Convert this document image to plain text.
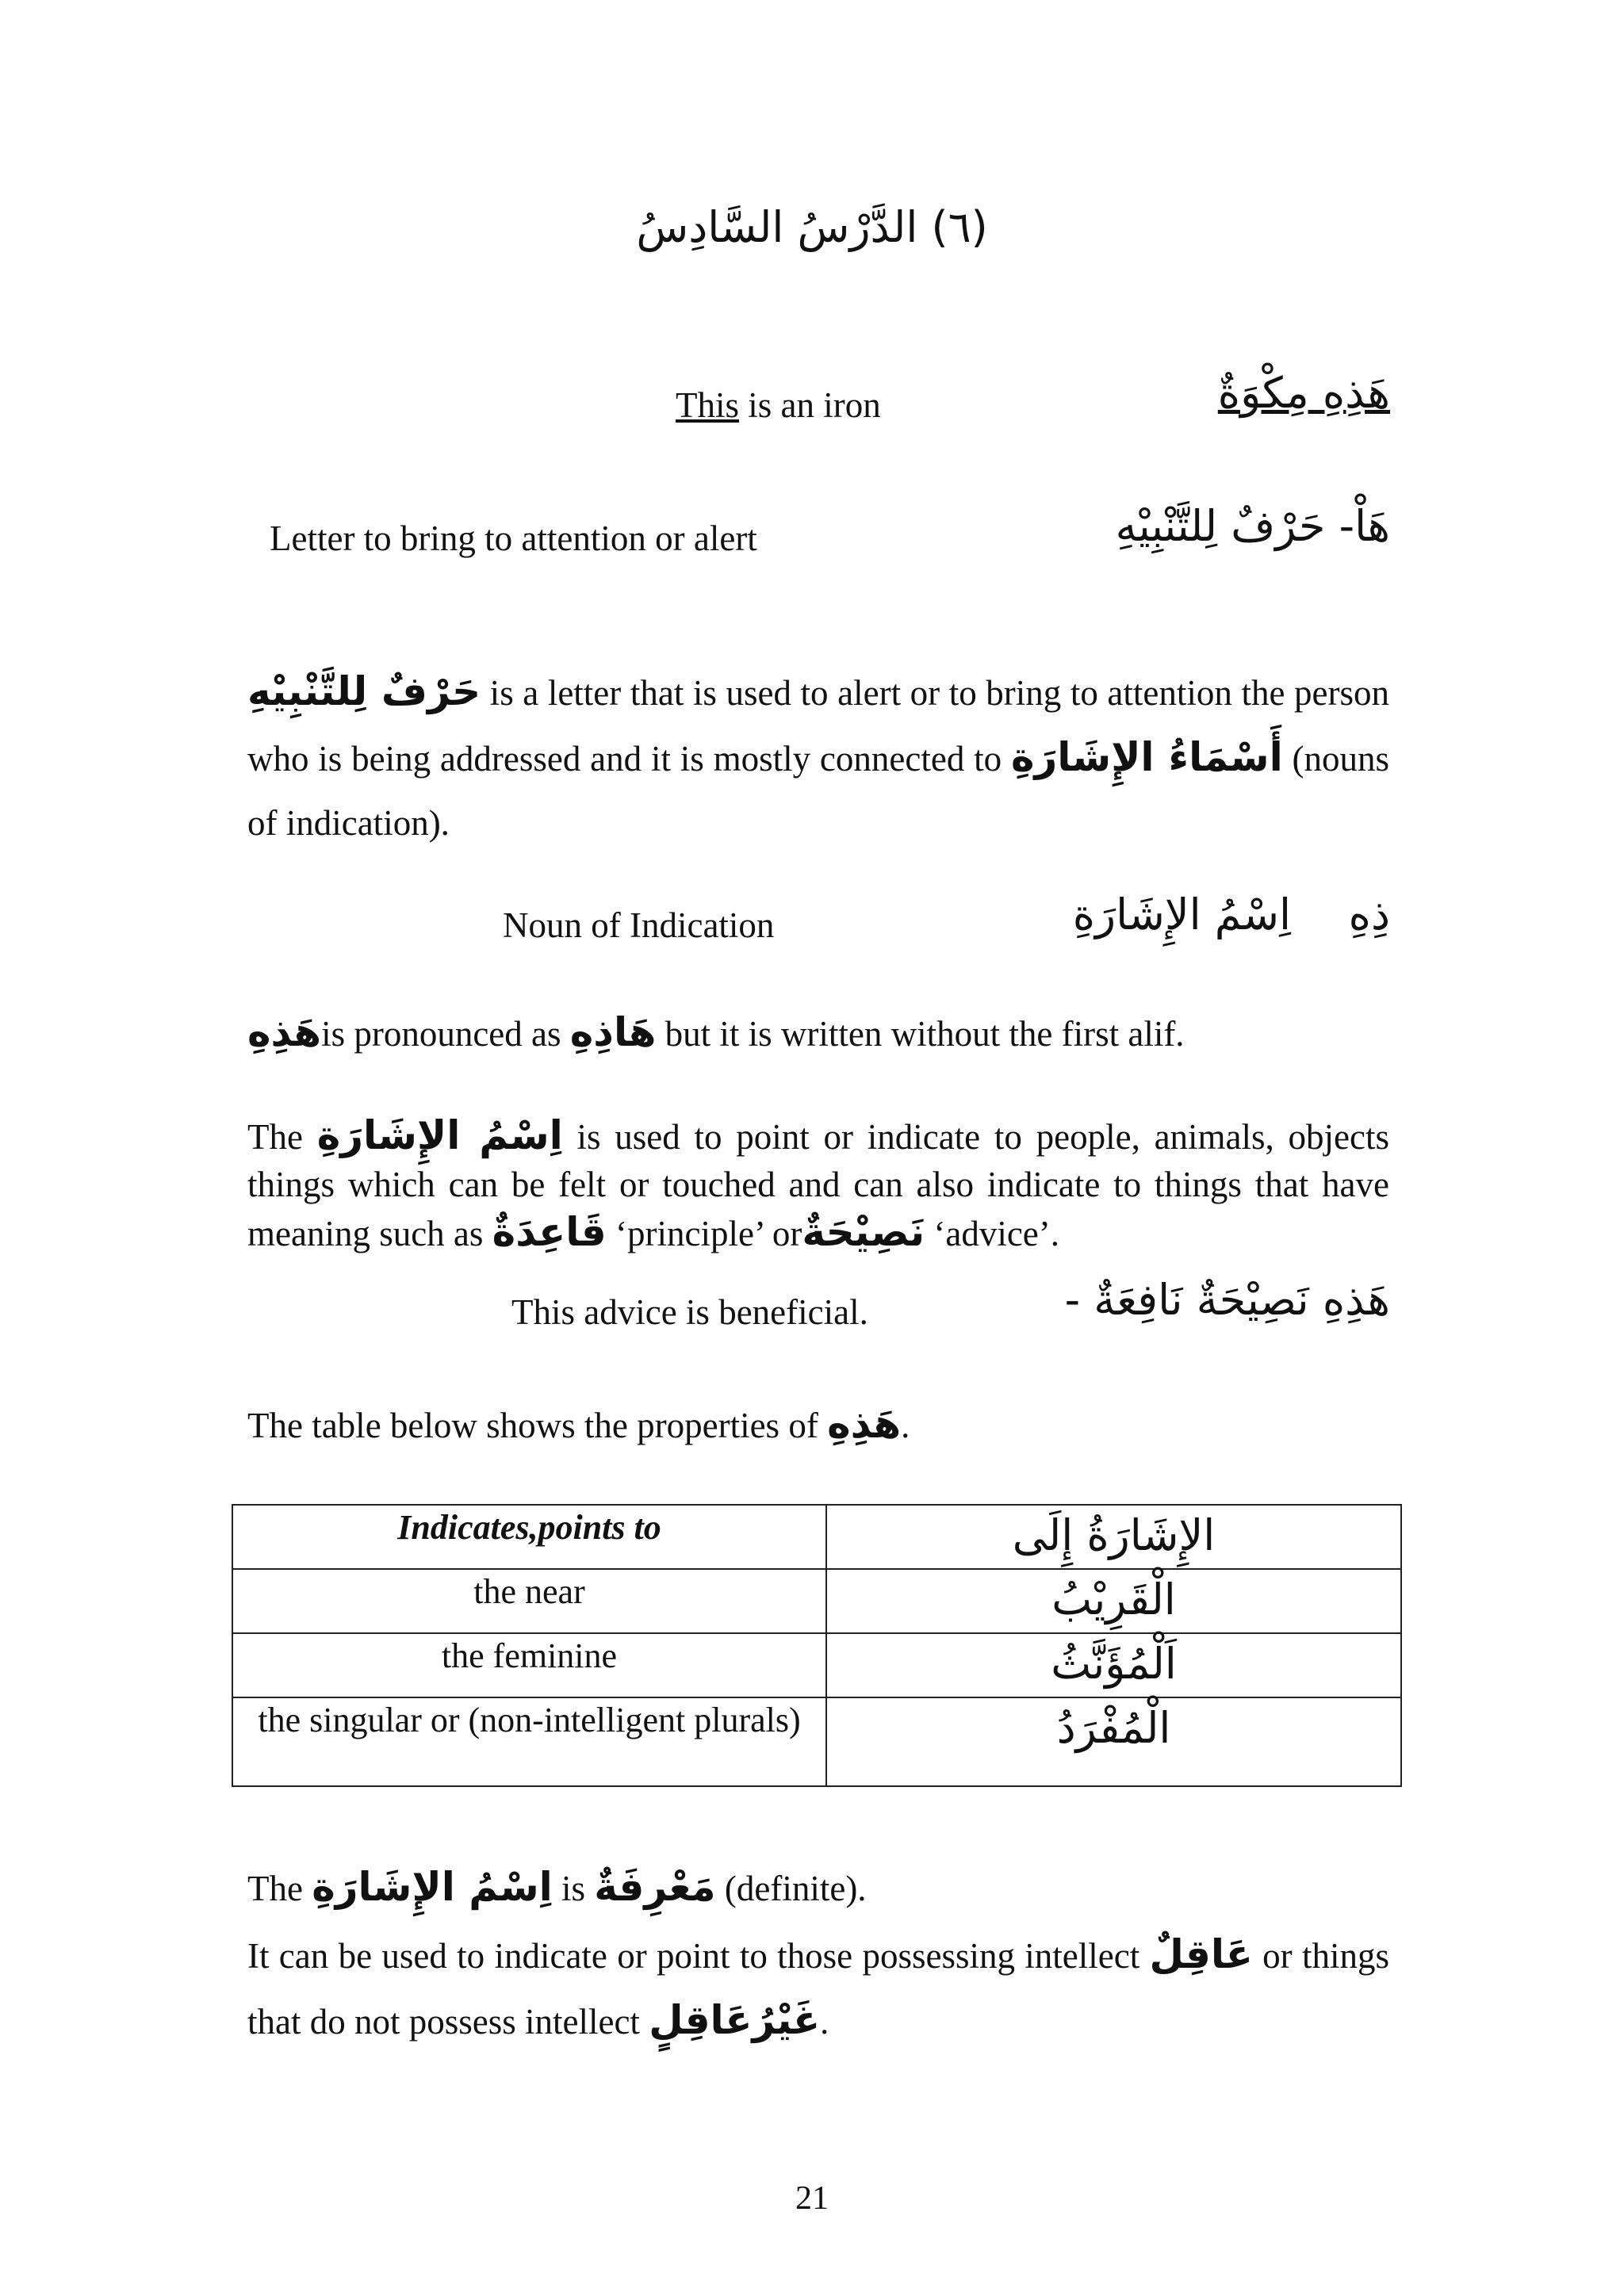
(٦) الدَّرْسُ السَّادِسُ
This is an iron	هَذِهِ مِكْوَةٌ
Letter to bring to attention or alert	هَاْ- حَرْفٌ لِلتَّنْبِيْهِ
حَرْفٌ لِلتَّنْبِيْهِ is a letter that is used to alert or to bring to attention the person who is being addressed and it is mostly connected to أَسْمَاءُ الإِشَارَةِ (nouns of indication).
Noun of Indication	اِسْمُ الإِشَارَةِ ذِهِ
هَذِهِis pronounced as هَاذِهِ but it is written without the first alif.
The اِسْمُ الإِشَارَةِ is used to point or indicate to people, animals, objects things which can be felt or touched and can also indicate to things that have meaning such as قَاعِدَةٌ ‘principle’ orنَصِيْحَةٌ ‘advice’.
This advice is beneficial.	هَذِهِ نَصِيْحَةٌ نَافِعَةٌ -
The table below shows the properties of هَذِهِ.
Indicates,points to	الإِشَارَةُ إِلَى
the near	الْقَرِيْبُ
the feminine	اَلْمُؤَنَّثُ
the singular or (non-intelligent plurals)	الْمُفْرَدُ
The اِسْمُ الإِشَارَةِ is مَعْرِفَةٌ (definite).
It can be used to indicate or point to those possessing intellect عَاقِلٌ or things that do not possess intellect غَيْرُعَاقِلٍ.
21
